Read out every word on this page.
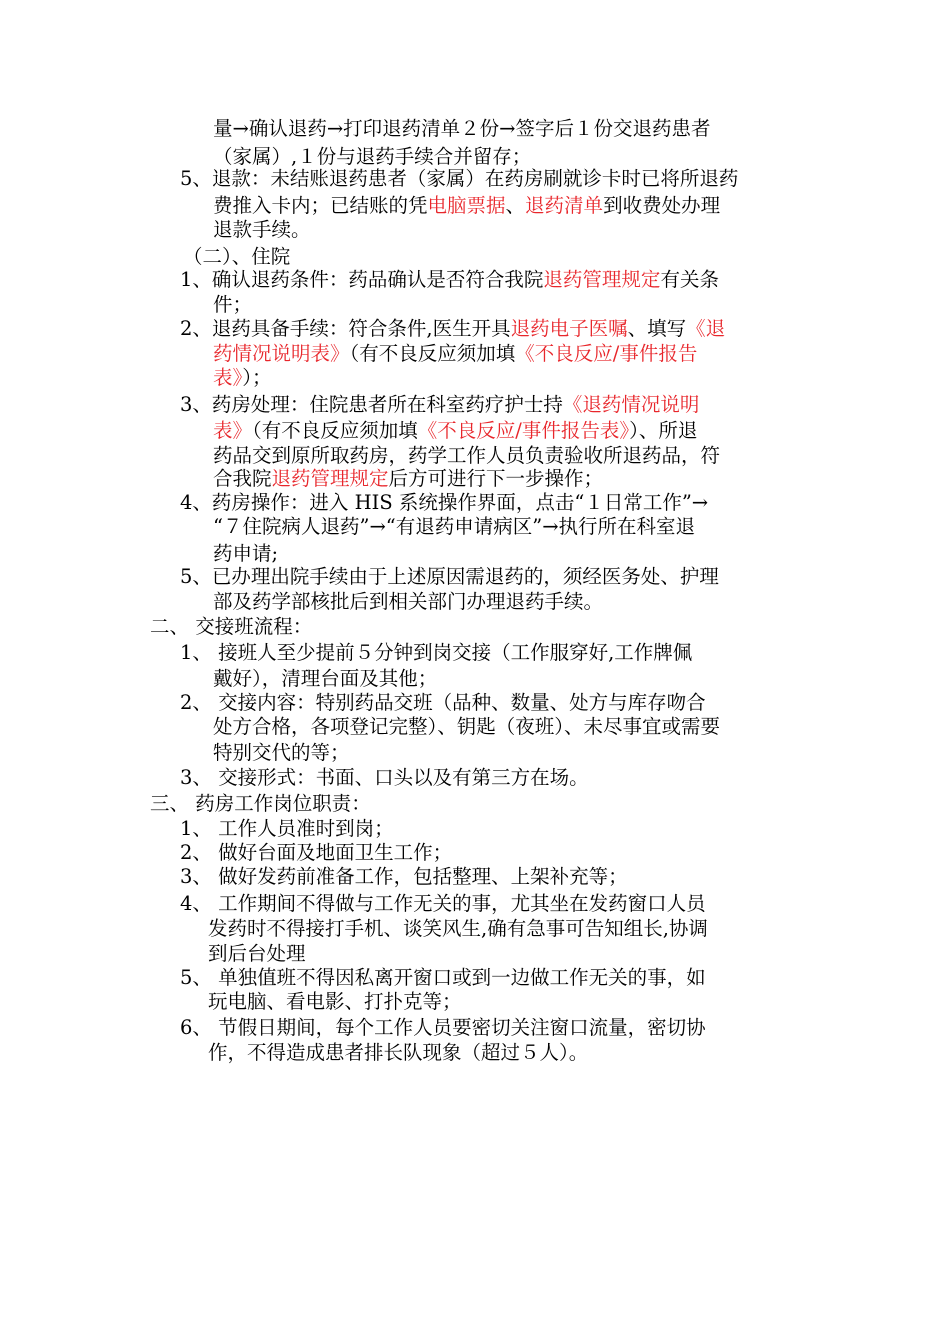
量→确认退药→打印退药清单２份→签字后１份交退药患者
（家属）,１份与退药手续合并留存；
5、退款：未结账退药患者（家属）在药房刷就诊卡时已将所退药
费推入卡内；已结账的凭电脑票据、退药清单到收费处办理
退款手续。
（二）、住院
1、确认退药条件：药品确认是否符合我院退药管理规定有关条
件；
2、退药具备手续：符合条件,医生开具退药电子医嘱、填写《退
药情况说明表》（有不良反应须加填《不良反应/事件报告
表》）；
3、药房处理：住院患者所在科室药疗护士持《退药情况说明
表》（有不良反应须加填《不良反应/事件报告表》）、所退
药品交到原所取药房，药学工作人员负责验收所退药品，符
合我院退药管理规定后方可进行下一步操作；
4、药房操作：进入 HIS 系统操作界面，点击“１日常工作”→
“７住院病人退药”→“有退药申请病区”→执行所在科室退
药申请;
5、已办理出院手续由于上述原因需退药的，须经医务处、护理
部及药学部核批后到相关部门办理退药手续。
二、 交接班流程：
1、 接班人至少提前５分钟到岗交接（工作服穿好,工作牌佩
戴好），清理台面及其他；
2、 交接内容：特别药品交班（品种、数量、处方与库存吻合
处方合格，各项登记完整）、钥匙（夜班）、未尽事宜或需要
特别交代的等；
3、 交接形式：书面、口头以及有第三方在场。
三、 药房工作岗位职责：
1、 工作人员准时到岗；
2、 做好台面及地面卫生工作；
3、 做好发药前准备工作，包括整理、上架补充等；
4、 工作期间不得做与工作无关的事，尤其坐在发药窗口人员
发药时不得接打手机、谈笑风生,确有急事可告知组长,协调
到后台处理
5、 单独值班不得因私离开窗口或到一边做工作无关的事，如
玩电脑、看电影、打扑克等；
6、 节假日期间，每个工作人员要密切关注窗口流量，密切协
作，不得造成患者排长队现象（超过５人）。
